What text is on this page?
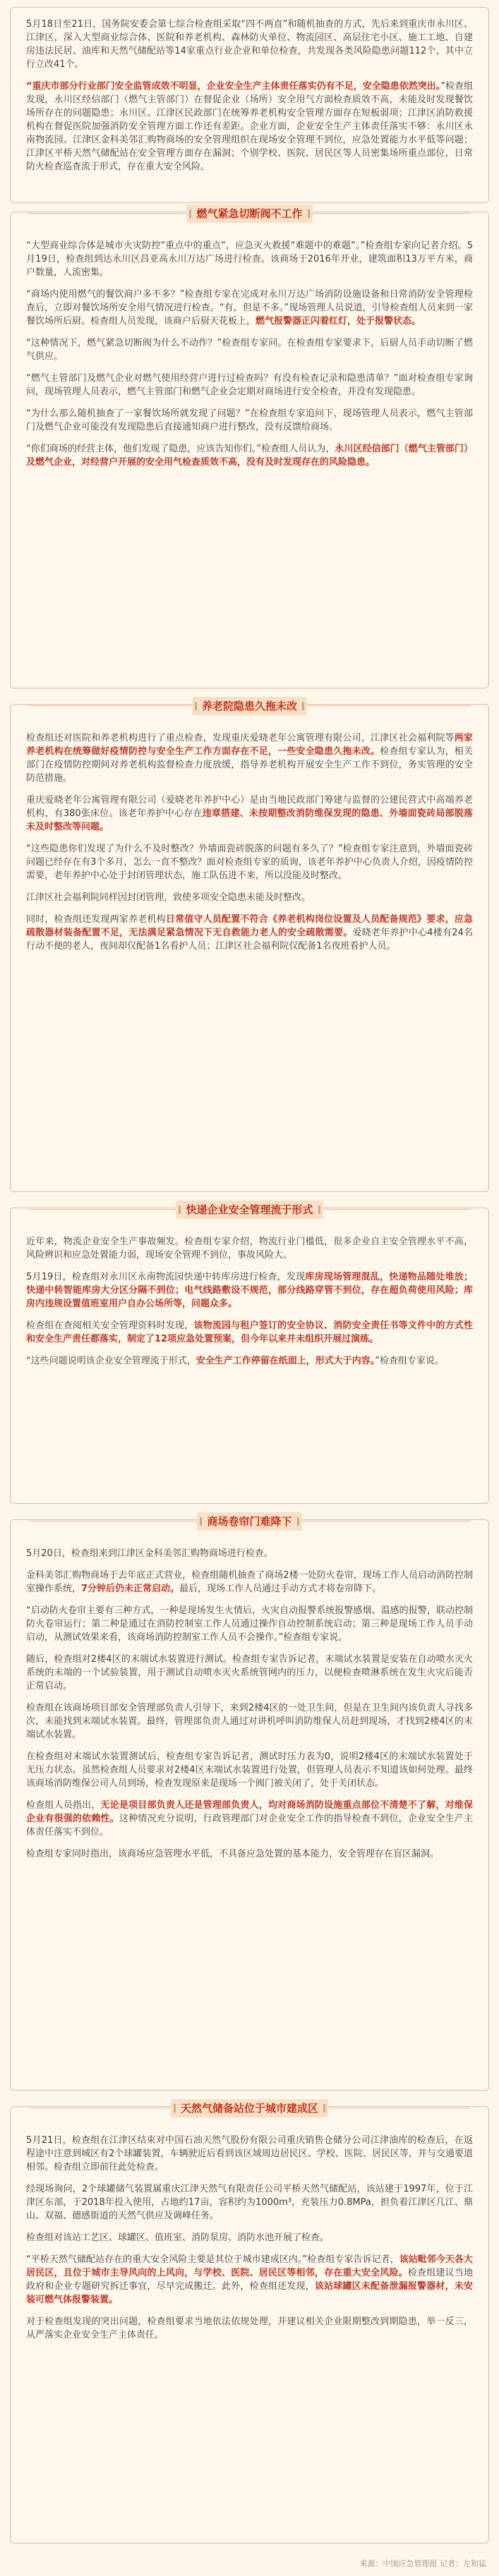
5月18日至21日，国务院安委会第七综合检查组采取“四不两直”和随机抽查的方式，先后来到重庆市永川区、江津区，深入大型商业综合体、医院和养老机构、森林防火单位、物流园区、高层住宅小区、施工工地、自建房违法民居、油库和天然气储配站等14家重点行业企业和单位检查，共发现各类风险隐患问题112个，其中立行立改41个。

“重庆市部分行业部门安全监管成效不明显，企业安全生产主体责任落实仍有不足，安全隐患依然突出。”检查组发现，永川区经信部门（燃气主管部门）在督促企业（场所）安全用气方面检查质效不高，未能及时发现餐饮场所存在的问题隐患；永川区、江津区民政部门在统筹养老机构安全管理方面存在短板弱项；江津区消防救援机构在督促医院加强消防安全管理方面工作还有差距。企业方面，企业安全生产主体责任落实不够：永川区永南物流园、江津区金科美邻汇购物商场的安全管理组织在现场安全管理不到位，应急处置能力水平低等问题；江津区平桥天然气储配站在安全管理方面存在漏洞；个别学校、医院、居民区等人员密集场所重点部位，日常防火检查巡查流于形式，存在重大安全风险。

“大型商业综合体是城市火灾防控“重点中的重点”，应急灭火救援“难题中的难题”。”检查组专家向记者介绍。5月19日，检查组到达永川区昌亚高永川万达广场进行检查。该商场于2016年开业，建筑面积13万平方米，商户数量，人流密集。

“商场内使用燃气的餐饮商户多不多？”检查组专家在完成对永川万达广场消防设施设备和日常消防安全管理检查后，立即对餐饮场所安全用气情况进行检查。“有，但是不多。”现场管理人员说道，引导检查组人员来到一家餐饮场所后厨。检查组人员发现，该商户后厨天花板上，燃气报警器正闪着红灯，处于报警状态。

“这种情况下，燃气紧急切断阀为什么不动作？”检查组专家问。在检查组专家要求下，后厨人员手动切断了燃气供应。

“燃气主管部门及燃气企业对燃气使用经营户进行过检查吗？有没有检查记录和隐患清单？”面对检查组专家询问，现场管理人员表示，燃气主管部门和燃气企业会定期对商场进行安全检查，并没有发现隐患。

“为什么那么随机抽查了一家餐饮场所就发现了问题？”在检查组专家追问下，现场管理人员表示，燃气主管部门及燃气企业可能没有发现隐患后直接通知商户进行整改，没有反馈给商场。

“你们商场的经营主体，他们发现了隐患，应该告知你们。”检查组人员认为，永川区经信部门（燃气主管部门）及燃气企业，对经营户开展的安全用气检查质效不高，没有及时发现存在的风险隐患。

燃气紧急切断阀不工作

检查组还对医院和养老机构进行了重点检查，发现重庆爱晓老年公寓管理有限公司，江津区社会福利院等两家养老机构在统筹做好疫情防控与安全生产工作方面存在不足，一些安全隐患久拖未改。检查组专家认为，相关部门在疫情防控期间对养老机构监督检查力度放缓，指导养老机构开展安全生产工作不到位，务实管理的安全防范措施。

重庆爱晓老年公寓管理有限公司（爱晓老年养护中心）是由当地民政部门筹建与监督的公建民营式中高端养老机构，有380张床位。该老年养护中心存在违章搭建、未按期整改消防维保发现的隐患、外墙面瓷砖局部脱落未及时整改等问题。

“这些隐患你们发现了为什么不及时整改？外墙面瓷砖脱落的问题有多久了？”检查组专家注意到，外墙面瓷砖问题已经存在有3个多月，怎么一直不整改？面对检查组专家的质询，该老年养护中心负责人介绍，因疫情防控需要，老年养护中心处于封闭管理状态，施工队伍进不来，所以没能及时整改。

江津区社会福利院同样因封闭管理，致使多项安全隐患未能及时整改。

同时，检查组还发现两家养老机构日常值守人员配置不符合《养老机构岗位设置及人员配备规范》要求，应急疏散器材装备配置不足，无法满足紧急情况下无自救能力老人的安全疏散需要。爱晓老年养护中心4楼有24名行动不便的老人，夜间却仅配备1名看护人员；江津区社会福利院仅配备1名夜班看护人员。

养老院隐患久拖未改

近年来，物流企业安全生产事故频发。检查组专家介绍，物流行业门槛低，很多企业自主安全管理水平不高，风险辨识和应急处置能力弱，现场安全管理不到位，事故风险大。

5月19日，检查组对永川区永南物流园快递中转库房进行检查，发现库房现场管理混乱，快递物品随处堆放；快递中转智能库房大分区分隔不到位；电气线路敷设不规范，部分线路穿管不到位，存在超负荷使用风险；库房内违规设置值班室用户自办公场所等，问题众多。

检查组在查阅相关安全管理资料时发现，该物流园与租户签订的安全协议、消防安全责任书等文件中的方式性和安全生产责任都落实，制定了12项应急处置预案，但今年以来并未组织开展过演练。

“这些问题说明该企业安全管理流于形式，安全生产工作停留在纸面上，形式大于内容。”检查组专家说。

快递企业安全管理流于形式

5月20日，检查组来到江津区金科美邻汇购物商场进行检查。

金科美邻汇购物商场于去年底正式营业，检查组随机抽查了商场2楼一处防火卷帘，现场工作人员启动消防控制室操作系统，7分钟后仍未正常启动。最后，现场工作人员通过手动方式才将卷帘降下。

“启动防火卷帘主要有三种方式，一种是现场发生火情后，火灾自动报警系统报警感烟、温感的报警，联动控制防火卷帘运行；第二种是通过在消防控制室工作人员通过操作自动控制系统启动；第三种是现场工作人员手动启动，从测试效果来看，该商场消防控制室工作人员不会操作。”检查组专家说。

随后，检查组对2楼4区的末端试水装置进行测试。检查组专家告诉记者，末端试水装置是安装在自动喷水灭火系统的末端的一个试验装置，用于测试自动喷水灭火系统管网内的压力，以便检查喷淋系统在发生火灾后能否正常启动。

检查组在该商场项目部安全管理部负责人引导下，来到2楼4区的一处卫生间，但是在卫生间内该负责人寻找多次，未能找到末端试水装置。最终，管理部负责人通过对讲机呼叫消防维保人员赶到现场，才找到2楼4区的末端试水装置。

在检查组对末端试水装置测试后，检查组专家告诉记者，测试时压力表为0，说明2楼4区的末端试水装置处于无压力状态。虽然检查组人员要求对2楼4区末端试水装置进行处置，但管理人员表示不知道该如何处理。最终该商场消防维保公司人员到场，检查发现原来是现场一个阀门被关闭了，处于关闭状态。

检查组人员指出，无论是项目部负责人还是管理部负责人，均对商场消防设施重点部位不清楚不了解，对维保企业有很强的依赖性。这种情况充分说明，行政管理部门对企业安全工作的指导检查不到位，企业安全生产主体责任落实不到位。

检查组专家同时指出，该商场应急管理水平低，不具备应急处置的基本能力，安全管理存在盲区漏洞。

商场卷帘门难降下

5月21日，检查组在江津区结束对中国石油天然气股份有限公司重庆销售仓储分公司江津油库的检查后，在返程途中注意到城区有2个球罐装置，车辆驶近后看到该区域周边居民区、学校、医院、居民区等，并与交通要道相邻。检查组立即前往此处检查。

经现场询问，2个球罐储气装置属重庆江津天然气有限责任公司平桥天然气储配站，该站建于1997年，位于江津区东部，于2018年投入使用，占地约17亩，容积约为1000m³，充装压力0.8MPa，担负着江津区几江、鼎山、双福、德感街道的天然气供应及调峰任务。

检查组对该站工艺区、球罐区、值班室、消防泵房、消防水池开展了检查。

“平桥天然气储配站存在的重大安全风险主要是其位于城市建成区内。”检查组专家告诉记者，该站毗邻今天各大居民区，且位于城市主导风向的上风向，与学校、医院、居民区等相邻，存在重大安全风险。检查组建议当地政府和企业专题研究拆迁事宜，尽早完成搬迁。此外，检查组还发现，该站球罐区未配备泄漏报警器材，未安装可燃气体报警装置。

对于检查组发现的突出问题，检查组要求当地依法依规处理，并建议相关企业限期整改到期隐患，举一反三，从严落实企业安全生产主体责任。

天然气储备站位于城市建成区
来源：中国应急管理报 记者：左和猛
